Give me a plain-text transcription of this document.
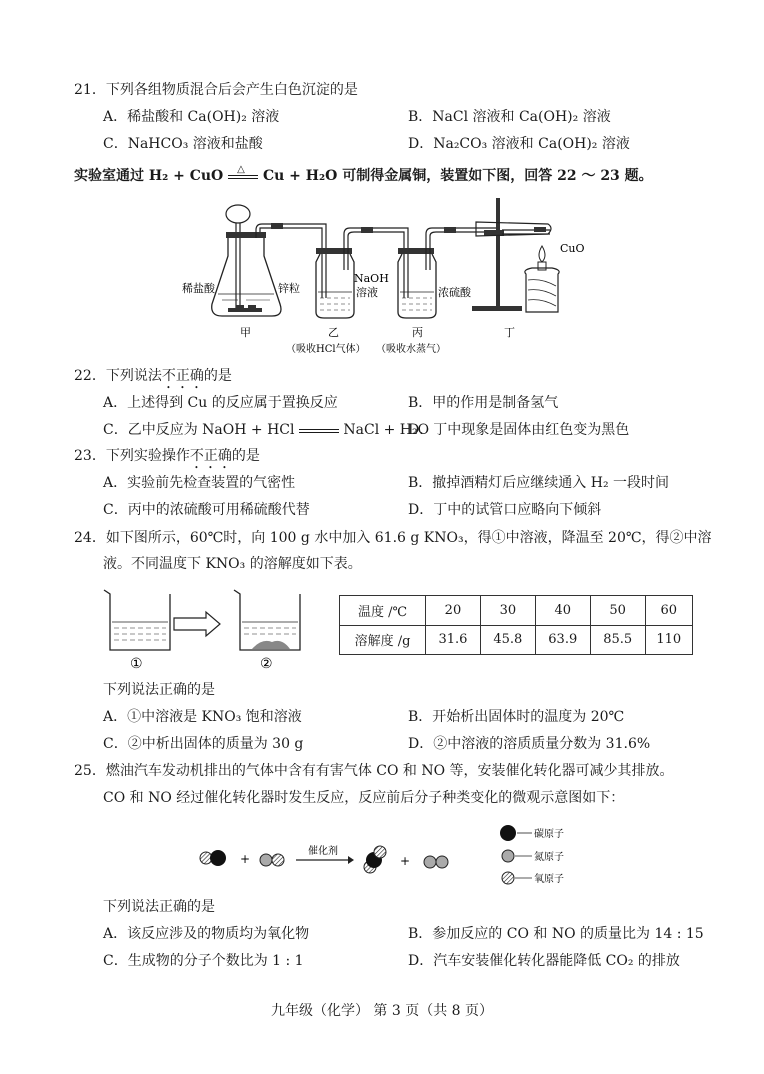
21．下列各组物质混合后会产生白色沉淀的是
A．稀盐酸和 Ca(OH)₂ 溶液	B．NaCl 溶液和 Ca(OH)₂ 溶液
C．NaHCO₃ 溶液和盐酸	D．Na₂CO₃ 溶液和 Ca(OH)₂ 溶液
实验室通过 H₂ + CuO △ Cu + H₂O 可制得金属铜，装置如下图，回答 22 ～ 23 题。
稀盐酸	锌粒
NaOH
溶液	浓硫酸
CuO
甲	乙	丙	丁
（吸收HCl气体） （吸收水蒸气）
22．下列说法不正确的是
A．上述得到 Cu 的反应属于置换反应	B．甲的作用是制备氢气
C．乙中反应为 NaOH + HCl	NaCl + H₂O
D．丁中现象是固体由红色变为黑色
23．下列实验操作不正确的是
A．实验前先检查装置的气密性	B．撤掉酒精灯后应继续通入 H₂ 一段时间
C．丙中的浓硫酸可用稀硫酸代替	D．丁中的试管口应略向下倾斜
24．如下图所示，60℃时，向 100 g 水中加入 61.6 g KNO₃，得①中溶液，降温至 20℃，得②中溶
液。不同温度下 KNO₃ 的溶解度如下表。
①	②
温度 /℃	20	30	40	50	60
溶解度 /g	31.6	45.8	63.9	85.5	110
下列说法正确的是
A．①中溶液是 KNO₃ 饱和溶液	B．开始析出固体时的温度为 20℃
C．②中析出固体的质量为 30 g	D．②中溶液的溶质质量分数为 31.6%
25．燃油汽车发动机排出的气体中含有有害气体 CO 和 NO 等，安装催化转化器可减少其排放。
CO 和 NO 经过催化转化器时发生反应，反应前后分子种类变化的微观示意图如下：
+
催化剂
+
碳原子
氮原子
氧原子
下列说法正确的是
A．该反应涉及的物质均为氧化物	B．参加反应的 CO 和 NO 的质量比为 14 : 15
C．生成物的分子个数比为 1 : 1	D．汽车安装催化转化器能降低 CO₂ 的排放
九年级（化学） 第 3 页（共 8 页）
